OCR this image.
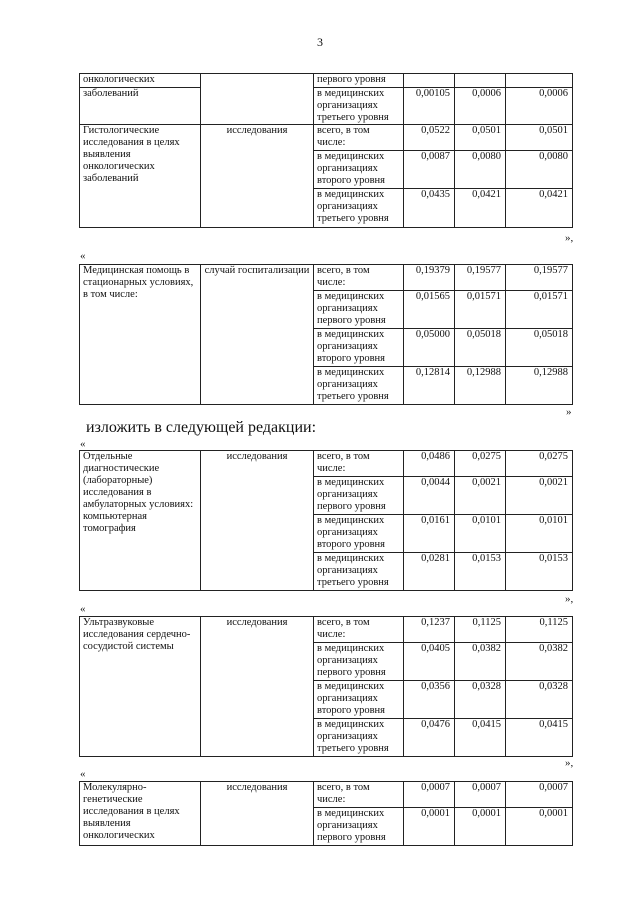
3
онкологических		первого уровня			
заболеваний		в медицинских организациях третьего уровня	0,00105	0,0006	0,0006
Гистологические исследования в целях выявления онкологических заболеваний	исследования	всего, в том числе:	0,0522	0,0501	0,0501
		в медицинских организациях второго уровня	0,0087	0,0080	0,0080
		в медицинских организациях третьего уровня	0,0435	0,0421	0,0421
»,
«
Медицинская помощь в стационарных условиях, в том числе:	случай госпитализации	всего, в том числе:	0,19379	0,19577	0,19577
		в медицинских организациях первого уровня	0,01565	0,01571	0,01571
		в медицинских организациях второго уровня	0,05000	0,05018	0,05018
		в медицинских организациях третьего уровня	0,12814	0,12988	0,12988
»
изложить в следующей редакции:
«
Отдельные диагностические (лабораторные) исследования в амбулаторных условиях: компьютерная томография	исследования	всего, в том числе:	0,0486	0,0275	0,0275
		в медицинских организациях первого уровня	0,0044	0,0021	0,0021
		в медицинских организациях второго уровня	0,0161	0,0101	0,0101
		в медицинских организациях третьего уровня	0,0281	0,0153	0,0153
»,
«
Ультразвуковые исследования сердечно-сосудистой системы	исследования	всего, в том числе:	0,1237	0,1125	0,1125
		в медицинских организациях первого уровня	0,0405	0,0382	0,0382
		в медицинских организациях второго уровня	0,0356	0,0328	0,0328
		в медицинских организациях третьего уровня	0,0476	0,0415	0,0415
»,
«
Молекулярно-генетические исследования в целях выявления онкологических	исследования	всего, в том числе:	0,0007	0,0007	0,0007
		в медицинских организациях первого уровня	0,0001	0,0001	0,0001
